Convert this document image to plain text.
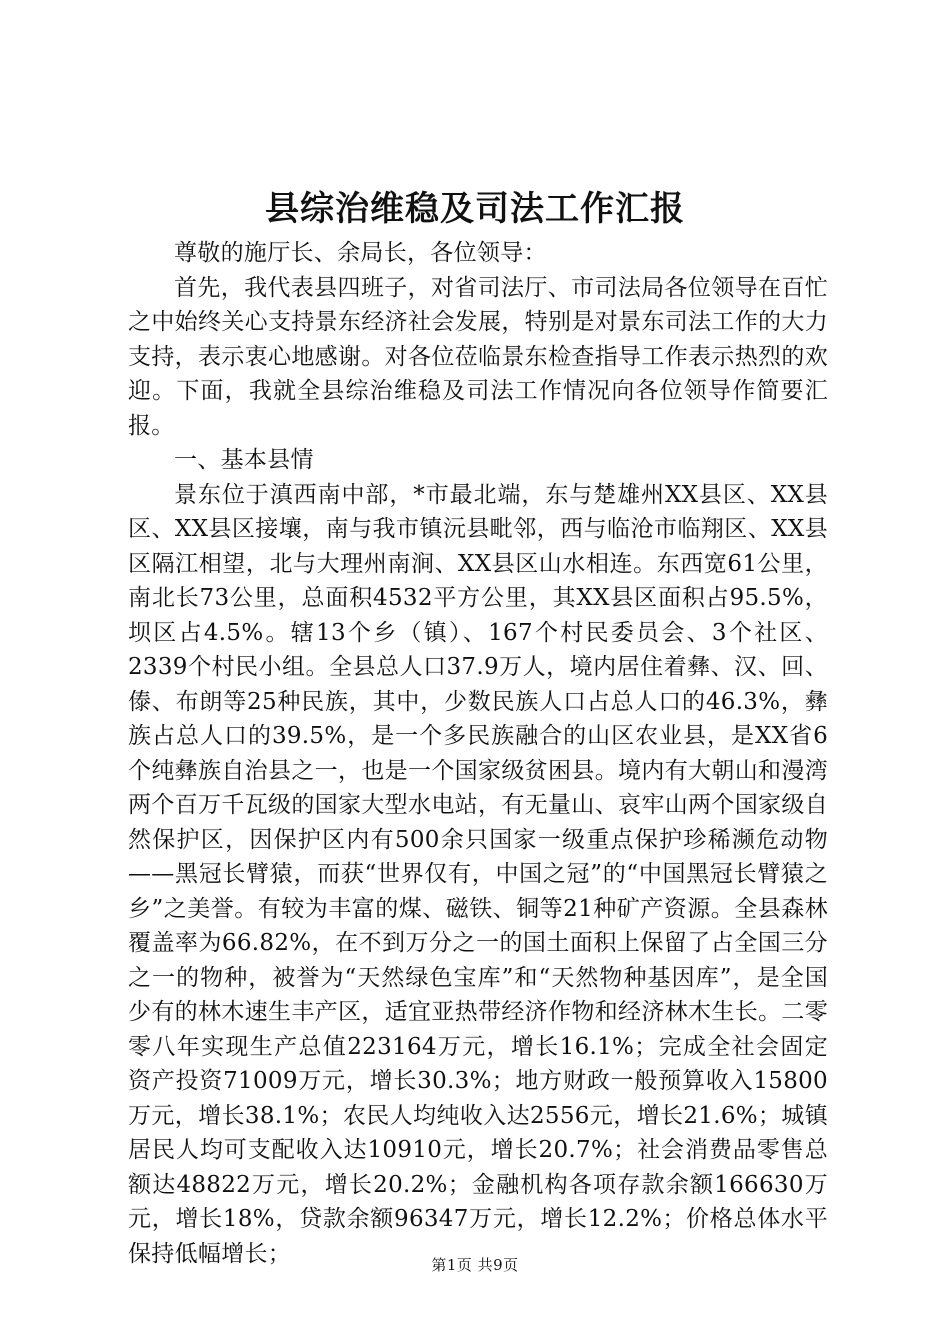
县综治维稳及司法工作汇报

尊敬的施厅长、余局长，各位领导：

首先，我代表县四班子，对省司法厅、市司法局各位领导在百忙之中始终关心支持景东经济社会发展，特别是对景东司法工作的大力支持，表示衷心地感谢。对各位莅临景东检查指导工作表示热烈的欢迎。下面，我就全县综治维稳及司法工作情况向各位领导作简要汇报。

一、基本县情

景东位于滇西南中部，*市最北端，东与楚雄州XX县区、XX县区、XX县区接壤，南与我市镇沅县毗邻，西与临沧市临翔区、XX县区隔江相望，北与大理州南涧、XX县区山水相连。东西宽61公里，南北长73公里，总面积4532平方公里，其XX县区面积占95.5%，坝区占4.5%。辖13个乡（镇）、167个村民委员会、3个社区、2339个村民小组。全县总人口37.9万人，境内居住着彝、汉、回、傣、布朗等25种民族，其中，少数民族人口占总人口的46.3%，彝族占总人口的39.5%，是一个多民族融合的山区农业县，是XX省6个纯彝族自治县之一，也是一个国家级贫困县。境内有大朝山和漫湾两个百万千瓦级的国家大型水电站，有无量山、哀牢山两个国家级自然保护区，因保护区内有500余只国家一级重点保护珍稀濒危动物——黑冠长臂猿，而获“世界仅有，中国之冠”的“中国黑冠长臂猿之乡”之美誉。有较为丰富的煤、磁铁、铜等21种矿产资源。全县森林覆盖率为66.82%，在不到万分之一的国土面积上保留了占全国三分之一的物种，被誉为“天然绿色宝库”和“天然物种基因库”，是全国少有的林木速生丰产区，适宜亚热带经济作物和经济林木生长。二零零八年实现生产总值223164万元，增长16.1%；完成全社会固定资产投资71009万元，增长30.3%；地方财政一般预算收入15800万元，增长38.1%；农民人均纯收入达2556元，增长21.6%；城镇居民人均可支配收入达10910元，增长20.7%；社会消费品零售总额达48822万元，增长20.2%；金融机构各项存款余额166630万元，增长18%，贷款余额96347万元，增长12.2%；价格总体水平保持低幅增长；	第1页 共9页
